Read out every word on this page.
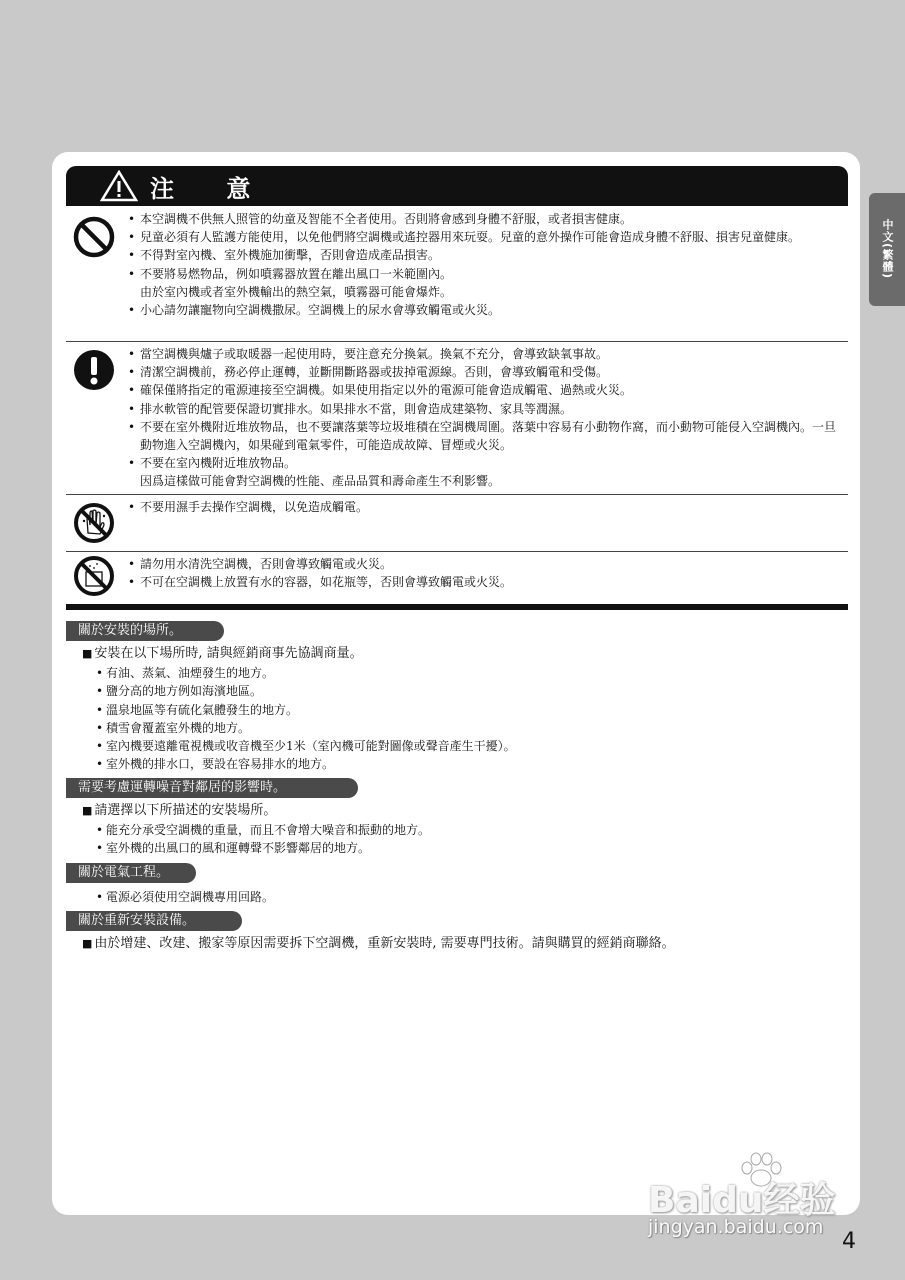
中文(繁體)
注 意
• 本空調機不供無人照管的幼童及智能不全者使用。否則將會感到身體不舒服，或者損害健康。
• 兒童必須有人監護方能使用，以免他們將空調機或遙控器用來玩耍。兒童的意外操作可能會造成身體不舒服、損害兒童健康。
• 不得對室內機、室外機施加衝擊，否則會造成產品損害。
• 不要將易燃物品，例如噴霧器放置在離出風口一米範圍內。
由於室內機或者室外機輸出的熱空氣，噴霧器可能會爆炸。
• 小心請勿讓寵物向空調機撒尿。空調機上的尿水會導致觸電或火災。
• 當空調機與爐子或取暖器一起使用時，要注意充分換氣。換氣不充分，會導致缺氧事故。
• 清潔空調機前，務必停止運轉，並斷開斷路器或拔掉電源線。否則，會導致觸電和受傷。
• 確保僅將指定的電源連接至空調機。如果使用指定以外的電源可能會造成觸電、過熱或火災。
• 排水軟管的配管要保證切實排水。如果排水不當，則會造成建築物、家具等潤濕。
• 不要在室外機附近堆放物品，也不要讓落葉等垃圾堆積在空調機周圍。落葉中容易有小動物作窩，而小動物可能侵入空調機內。一旦動物進入空調機內，如果碰到電氣零件，可能造成故障、冒煙或火災。
• 不要在室內機附近堆放物品。
因爲這樣做可能會對空調機的性能、產品品質和壽命產生不利影響。
• 不要用濕手去操作空調機，以免造成觸電。
• 請勿用水清洗空調機，否則會導致觸電或火災。
• 不可在空調機上放置有水的容器，如花瓶等，否則會導致觸電或火災。
關於安裝的場所。
■ 安裝在以下場所時, 請與經銷商事先協調商量。
• 有油、蒸氣、油煙發生的地方。
• 鹽分高的地方例如海濱地區。
• 溫泉地區等有硫化氣體發生的地方。
• 積雪會覆蓋室外機的地方。
• 室內機要遠離電視機或收音機至少1米（室內機可能對圖像或聲音產生干擾）。
• 室外機的排水口，要設在容易排水的地方。
需要考慮運轉噪音對鄰居的影響時。
■ 請選擇以下所描述的安裝場所。
• 能充分承受空調機的重量，而且不會增大噪音和振動的地方。
• 室外機的出風口的風和運轉聲不影響鄰居的地方。
關於電氣工程。
• 電源必須使用空調機專用回路。
關於重新安裝設備。
■ 由於增建、改建、搬家等原因需要拆下空調機，重新安裝時, 需要專門技術。請與購買的經銷商聯絡。
Baidu经验
jingyan.baidu.com
4
